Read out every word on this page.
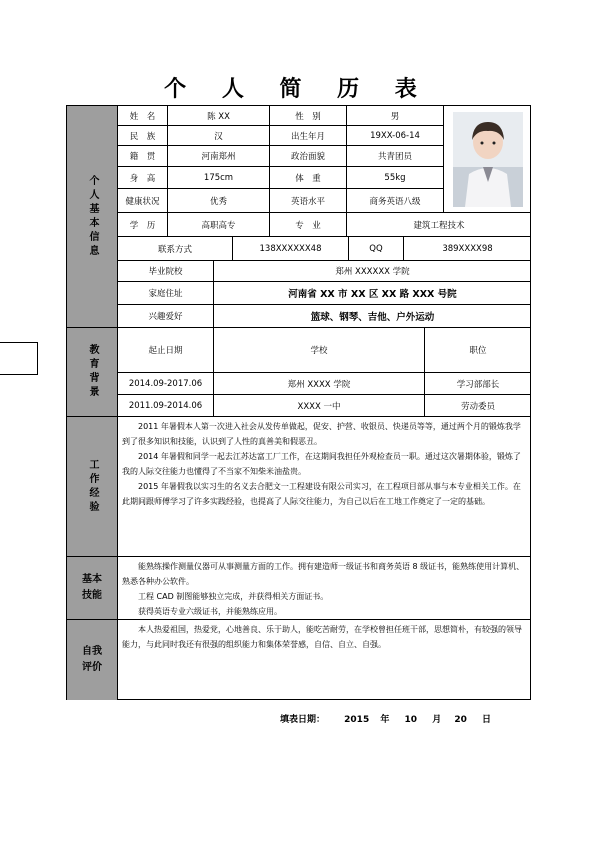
个 人 简 历 表
个人基本信息
姓　名	陈 XX	性　别	男
民　族	汉	出生年月	19XX-06-14
籍　贯	河南郑州	政治面貌	共青团员
身　高	175cm	体　重	55kg
健康状况	优秀	英语水平	商务英语八级
学　历	高职高专	专　业	建筑工程技术
联系方式	138XXXXXX48	QQ	389XXXX98
毕业院校	郑州 XXXXXX 学院
家庭住址	河南省 XX 市 XX 区 XX 路 XXX 号院
兴趣爱好	篮球、钢琴、吉他、户外运动
教育背景	起止日期	学校	职位
2014.09-2017.06	郑州 XXXX 学院	学习部部长
2011.09-2014.06	XXXX 一中	劳动委员
工作经验

2011 年暑假本人第一次进入社会从发传单做起，促安、护营、收银员、快递员等等，通过两个月的锻炼我学到了很多知识和技能，认识到了人性的真善美和假恶丑。

2014 年暑假和同学一起去江苏达富工厂工作，在这期间我担任外观检查员一职。通过这次暑期体验，锻炼了我的人际交往能力也懂得了不当家不知柴米油盐贵。

2015 年暑假我以实习生的名义去合肥文一工程建设有限公司实习，在工程项目部从事与本专业相关工作。在此期间跟师傅学习了许多实践经验，也提高了人际交往能力，为自己以后在工地工作奠定了一定的基础。

基本技能

能熟练操作测量仪器可从事测量方面的工作。拥有建造师一级证书和商务英语 8 级证书，能熟练使用计算机、熟悉各种办公软件。

工程 CAD 制图能够独立完成，并获得相关方面证书。

获得英语专业六级证书，并能熟练应用。

自我评价

本人热爱祖国，热爱党，心地善良、乐于助人，能吃苦耐劳，在学校曾担任班干部，思想简朴，有较强的领导能力，与此同时我还有很强的组织能力和集体荣誉感，自信、自立、自强。

填表日期： 2015 年 10 月 20 日
